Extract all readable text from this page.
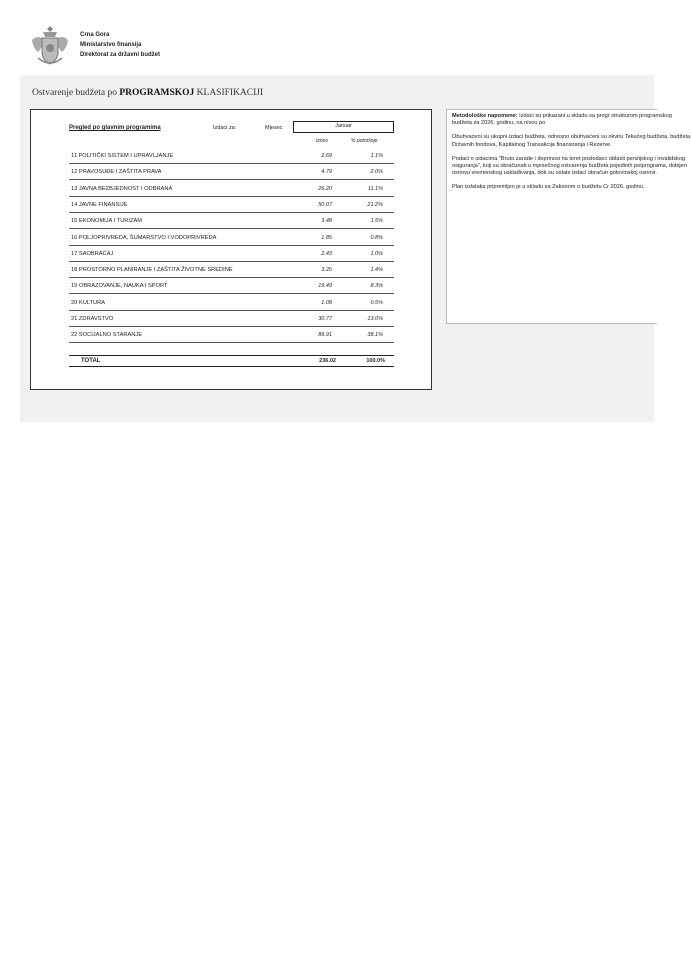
Crna Gora
Ministarstvo finansija
Direktorat za državni budžet
Ostvarenje budžeta po PROGRAMSKOJ KLASIFIKACIJI
Pregled po glavnim programima	Izdaci za:	Mjesec	Januar
Iznos	% potrošnje
11 POLITIČKI SISTEM I UPRAVLJANJE	2.69	1.1%
12 PRAVOSUĐE I ZAŠTITA PRAVA	4.79	2.0%
13 JAVNA BEZBJEDNOST I ODBRANA	26.20	11.1%
14 JAVNE FINANSIJE	50.07	21.2%
15 EKONOMIJA I TURIZAM	3.48	1.5%
16 POLJOPRIVREDA, ŠUMARSTVO I VODOPRIVREDA	1.85	0.8%
17 SAOBRAĆAJ	2.43	1.0%
18 PROSTORNO PLANIRANJE I ZAŠTITA ŽIVOTNE SREDINE	3.26	1.4%
19 OBRAZOVANJE, NAUKA I SPORT	19.49	8.3%
20 KULTURA	1.08	0.5%
21 ZDRAVSTVO	30.77	13.0%
22 SOCIJALNO STARANJE	89.91	38.1%
TOTAL	236.02	100.0%

Metodološke napomene: Izdaci su prikazani u skladu sa progr strukturom programskog budžeta za 2026. godinu, na nivou po

Obuhvaćeni su ukupni izdaci budžeta, odnosno obuhvaćeni su okviru Tekućeg budžeta, budžeta Državnih fondova, Kapitalnog Transakcija finansiranja i Rezerve.

Podaci o izdacima "Bruto zarade i doprinosi na teret poslodavc oblasti penzijskog i invalidskog osiguranja", koji su obračunati u mjesečnog ostvarenja budžeta pojedinih potprograma, dobijen osnovu vremenskog usklađivanja, dok su ostale izdaci obračun gotovinskoj osnovi.

Plan izdataka pripremljen je u skladu sa Zakonom o budžetu Cr 2026. godinu.
